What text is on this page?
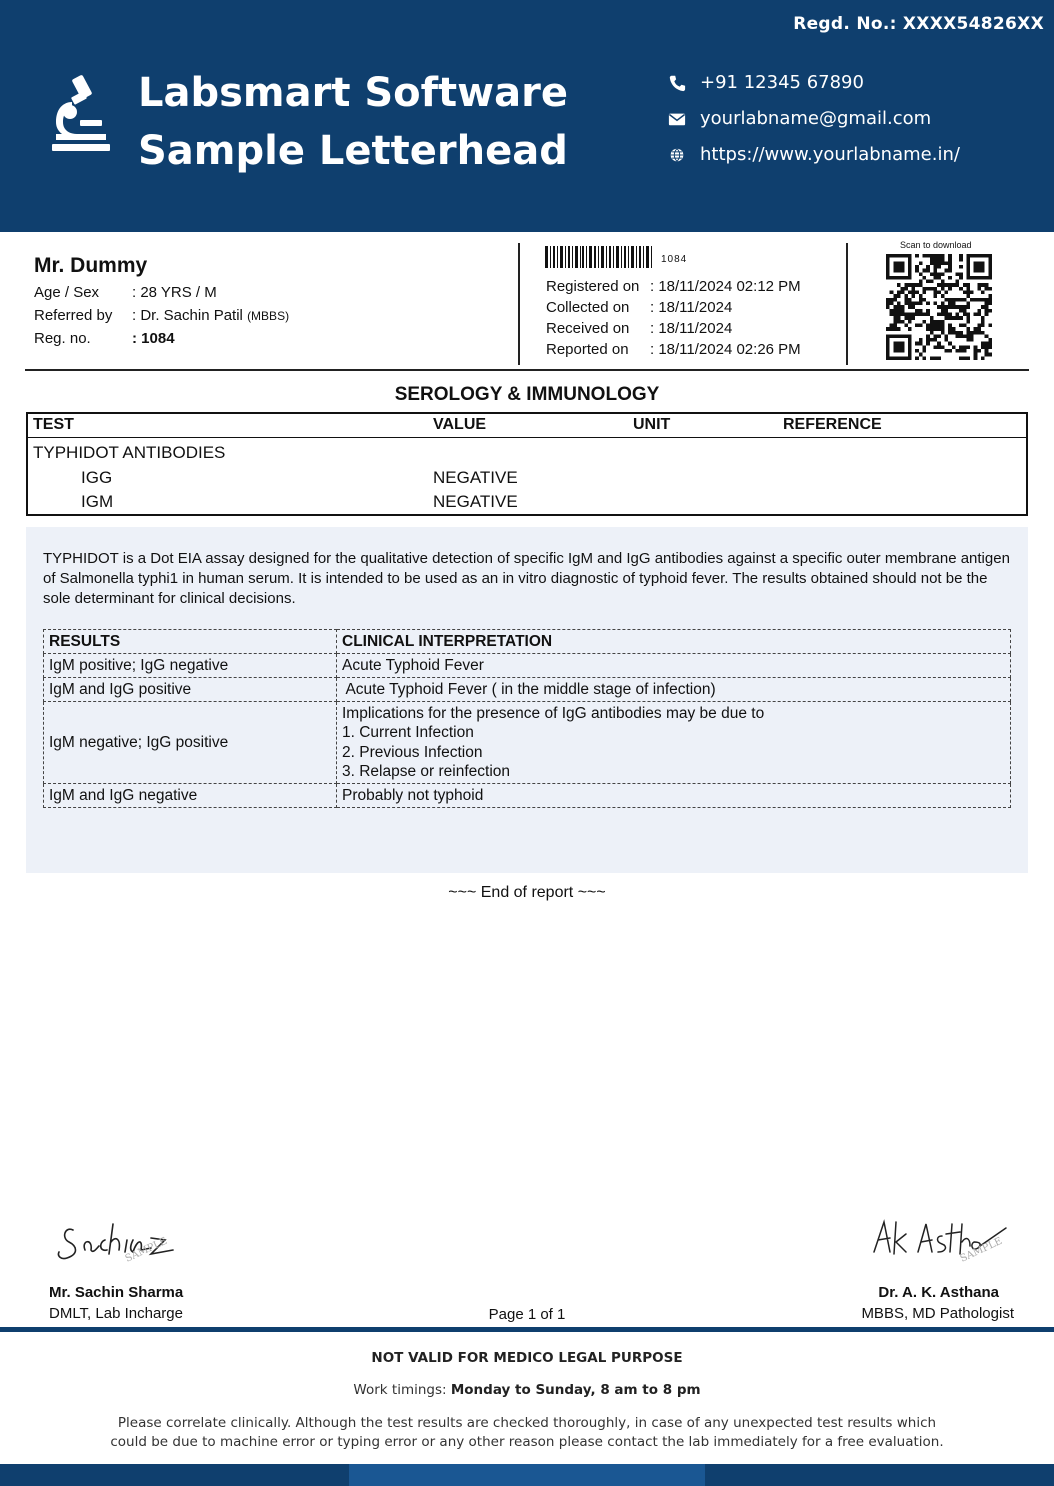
Regd. No.: XXXX54826XX
Labsmart Software
Sample Letterhead
+91 12345 67890
yourlabname@gmail.com
https://www.yourlabname.in/
Mr. Dummy
Age / Sex : 28 YRS / M
Referred by : Dr. Sachin Patil (MBBS)
Reg. no.	: 1084
1084
Registered on : 18/11/2024 02:12 PM
Collected on : 18/11/2024
Received on : 18/11/2024
Reported on : 18/11/2024 02:26 PM
Scan to download
SEROLOGY & IMMUNOLOGY
TEST	VALUE	UNIT	REFERENCE
TYPHIDOT ANTIBODIES
IGG	NEGATIVE
IGM	NEGATIVE
TYPHIDOT is a Dot EIA assay designed for the qualitative detection of specific IgM and IgG antibodies against a specific outer membrane antigen of Salmonella typhi1 in human serum. It is intended to be used as an in vitro diagnostic of typhoid fever. The results obtained should not be the sole determinant for clinical decisions.
RESULTS	CLINICAL INTERPRETATION
IgM positive; IgG negative	Acute Typhoid Fever
IgM and IgG positive	Acute Typhoid Fever ( in the middle stage of infection)
IgM negative; IgG positive	Implications for the presence of IgG antibodies may be due to
1. Current Infection
2. Previous Infection
3. Relapse or reinfection

IgM and IgG negative	Probably not typhoid
~~~ End of report ~~~
SAMPLE	SAMPLE
Mr. Sachin Sharma
DMLT, Lab Incharge	Page 1 of 1
Dr. A. K. Asthana
MBBS, MD Pathologist
NOT VALID FOR MEDICO LEGAL PURPOSE
Work timings: Monday to Sunday, 8 am to 8 pm
Please correlate clinically. Although the test results are checked thoroughly, in case of any unexpected test results which
could be due to machine error or typing error or any other reason please contact the lab immediately for a free evaluation.
